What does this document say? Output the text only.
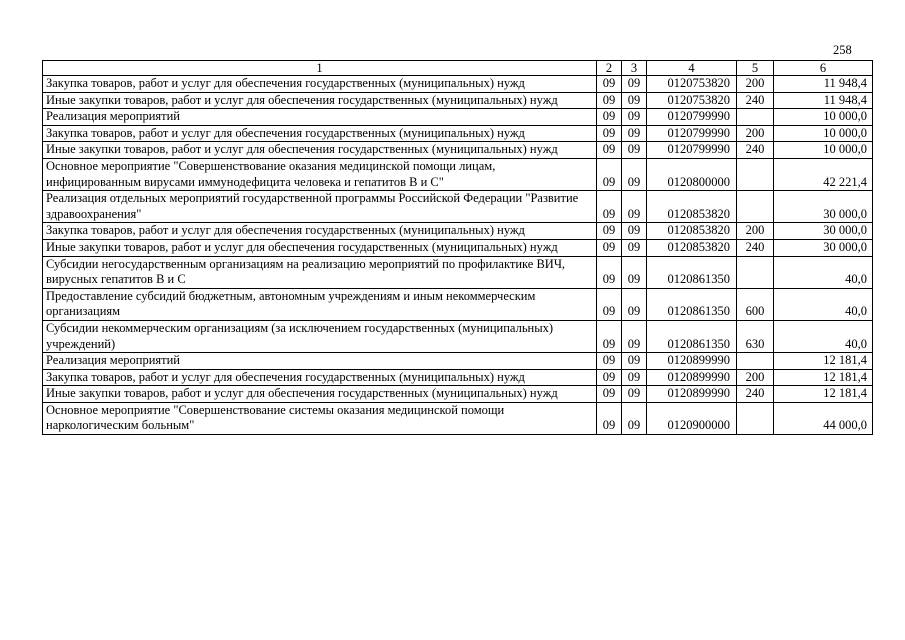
258
1	2	3	4	5	6
Закупка товаров, работ и услуг для обеспечения государственных (муниципальных) нужд	09	09	0120753820	200	11 948,4
Иные закупки товаров, работ и услуг для обеспечения государственных (муниципальных) нужд	09	09	0120753820	240	11 948,4
Реализация мероприятий	09	09	0120799990		10 000,0
Закупка товаров, работ и услуг для обеспечения государственных (муниципальных) нужд	09	09	0120799990	200	10 000,0
Иные закупки товаров, работ и услуг для обеспечения государственных (муниципальных) нужд	09	09	0120799990	240	10 000,0
Основное мероприятие "Совершенствование оказания медицинской помощи лицам, инфицированным вирусами иммунодефицита человека и гепатитов В и С"	09	09	0120800000		42 221,4
Реализация отдельных мероприятий государственной программы Российской Федерации "Развитие здравоохранения"	09	09	0120853820		30 000,0
Закупка товаров, работ и услуг для обеспечения государственных (муниципальных) нужд	09	09	0120853820	200	30 000,0
Иные закупки товаров, работ и услуг для обеспечения государственных (муниципальных) нужд	09	09	0120853820	240	30 000,0
Субсидии негосударственным организациям на реализацию мероприятий по профилактике ВИЧ, вирусных гепатитов В и С	09	09	0120861350		40,0
Предоставление субсидий бюджетным, автономным учреждениям и иным некоммерческим организациям	09	09	0120861350	600	40,0
Субсидии некоммерческим организациям (за исключением государственных (муниципальных) учреждений)	09	09	0120861350	630	40,0
Реализация мероприятий	09	09	0120899990		12 181,4
Закупка товаров, работ и услуг для обеспечения государственных (муниципальных) нужд	09	09	0120899990	200	12 181,4
Иные закупки товаров, работ и услуг для обеспечения государственных (муниципальных) нужд	09	09	0120899990	240	12 181,4
Основное мероприятие "Совершенствование системы оказания медицинской помощи наркологическим больным"	09	09	0120900000		44 000,0
